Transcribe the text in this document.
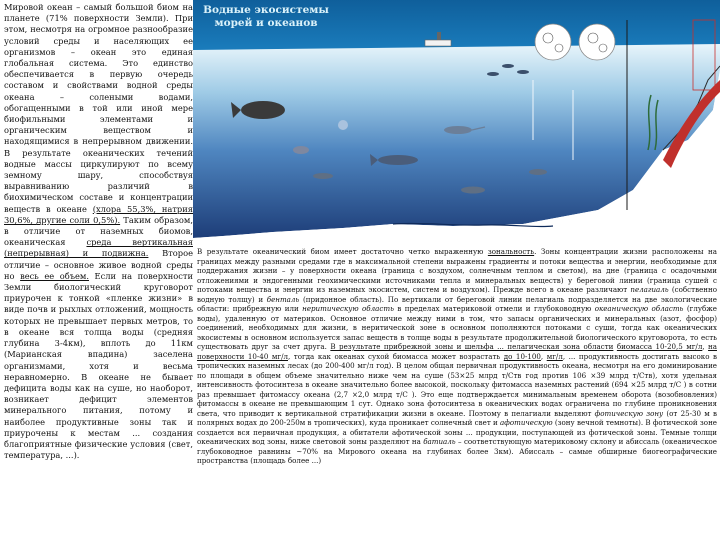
Мировой океан – самый большой биом на планете (71% поверхности Земли). При этом, несмотря на огромное разнообразие условий среды и населяющих ее организмов – океан это единая глобальная система. Это единство обеспечивается в первую очередь составом и свойствами водной среды океана – солеными водами, обогащенными в той или иной мере биофильными элементами и органическим веществом и находящимися в непрерывном движении. В результате океанических течений водные массы циркулируют по всему земному шару, способствуя выравниванию различий в биохимическом составе и концентрации веществ в океане (хлора 55,3%, натрия 30,6%, другие соли 0,5%). Таким образом, в отличие от наземных биомов, океаническая среда вертикальная (непрерывная) и подвижна. Второе отличие – основное живое водной среды но весь ее объем. Если на поверхности Земли биологический круговорот приурочен к тонкой «пленке жизни» в виде почв и рыхлых отложений, мощность которых не превышает первых метров, то в океане вся толща воды (средняя глубина 3-4км), вплоть до 11км (Марианская впадина) заселена организмами, хотя и весьма неравномерно. В океане не бывает дефицита воды как на суше, но наоборот, возникает дефицит элементов минерального питания, потому и наиболее продуктивные зоны так и приурочены к местам ... создания благоприятные физические условия (свет, температура, ...).

Водные экосистемы
морей и океанов

В результате океанический биом имеет достаточно четко выраженную зональность. Зоны концентрации жизни расположены на границах между разными средами где в максимальной степени выражены градиенты и потоки вещества и энергии, необходимые для поддержания жизни – у поверхности океана (граница с воздухом, солнечным теплом и светом), на дне (граница с осадочными отложениями и эндогенными геохимическими источниками тепла и минеральных веществ) у береговой линии (граница сушей с потоками вещества и энергии из наземных экосистем, систем и воздухом). Прежде всего в океане различают пелагиаль (собственно водную толщу) и бенталь (придонное область). По вертикали от береговой линии пелагиаль подразделяется на две экологические области: прибрежную или неритическую область в пределах материковой отмели и глубоководную океаническую область (глубже воды), удаленную от материков. Основное отличие между ними в том, что запасы органических и минеральных (азот, фосфор) соединений, необходимых для жизни, в неритической зоне в основном пополняются потоками с суши, тогда как океанических экосистемы в основном используется запас веществ в толще воды в результате продолжительной биологического круговорота, то есть существовать друг за счет друга. В результате прибрежной зоны и шельфа ... пелагическая зона области биомасса 10-20,5 мг/л, на поверхности 10-40 мг/л, тогда как океанах сухой биомасса может возрастать до 10-100, мг/л, ... продуктивность достигать высоко в тропических наземных лесах (до 200-400 мг/л год). В целом общая первичная продуктивность океана, несмотря на его доминирование по площади в общем объеме значительно ниже чем на суше (53×25 млрд т/Ств год против 106 ×39 млрд т/Ств), хотя удельная интенсивность фотосинтеза в океане значительно более высокой, поскольку фитомасса наземных растений (694 ×25 млрд т/С ) в сотни раз превышает фитомассу океана (2,7 ×2,0 млрд т/С ). Это еще подтверждается минимальным временем оборота (возобновления) фитомассы в океане не превышающим 1 сут. Однако зона фотосинтеза в океанических водах ограничена по глубине проникновения света, что приводит к вертикальной стратификации жизни в океане. Поэтому в пелагиали выделяют фотическую зону (от 25-30 м в полярных водах до 200-250м в тропических), куда проникает солнечный свет и афотическую (зону вечной темноты). В фотической зоне создается вся первичная продукция, а обитатели афотической зоны ... продукции, поступающей из фотической зоны. Темные толщи океанических вод зоны, ниже световой зоны разделяют на батиаль – соответствующую материковому склону и абиссаль (океаническое глубоководное равнины ~70% на Мирового океана на глубинах более 3км). Абиссаль – самые обширные биогеографические пространства (площадь более ...)
